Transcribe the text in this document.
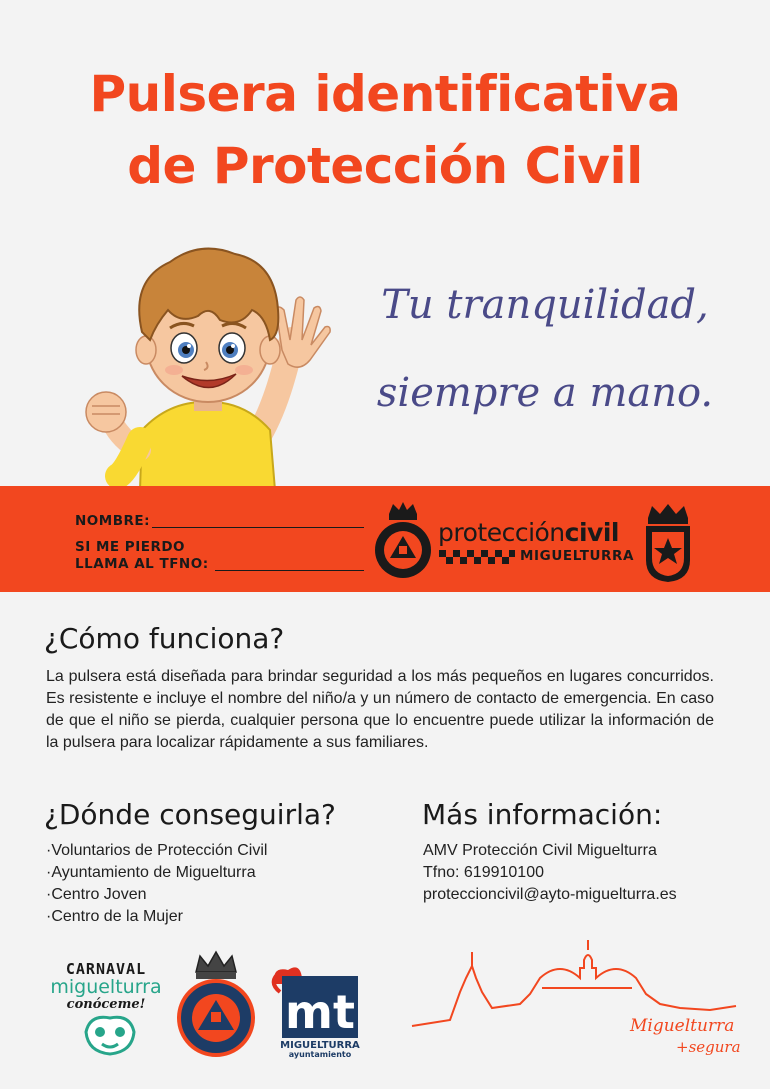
Pulsera identificativa
de Protección Civil
Tu tranquilidad,
siempre a mano.
NOMBRE:
SI ME PIERDO
LLAMA AL TFNO:
proteccióncivil
MIGUELTURRA
¿Cómo funciona?
La pulsera está diseñada para brindar seguridad a los más pequeños en lugares concurridos. Es resistente e incluye el nombre del niño/a y un número de contacto de emergencia. En caso de que el niño se pierda, cualquier persona que lo encuentre puede utilizar la información de la pulsera para localizar rápidamente a sus familiares.
¿Dónde conseguirla?
·Voluntarios de Protección Civil
·Ayuntamiento de Miguelturra
·Centro Joven
·Centro de la Mujer
Más información:
AMV Protección Civil Miguelturra
Tfno: 619910100
proteccioncivil@ayto-miguelturra.es
CARNAVAL
miguelturra
conóceme!	mt
MIGUELTURRA
ayuntamiento
Miguelturra
+segura
